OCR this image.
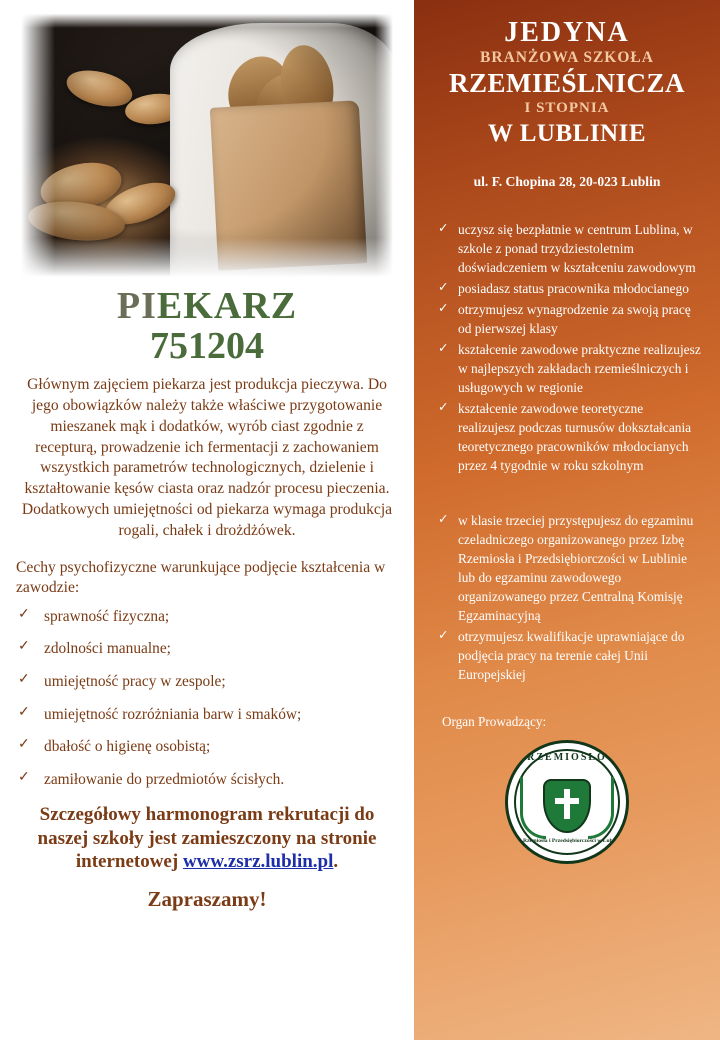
PIEKARZ
751204
Głównym zajęciem piekarza jest produkcja pieczywa. Do jego obowiązków należy także właściwe przygotowanie mieszanek mąk i dodatków, wyrób ciast zgodnie z recepturą, prowadzenie ich fermentacji z zachowaniem wszystkich parametrów technologicznych, dzielenie i kształtowanie kęsów ciasta oraz nadzór procesu pieczenia. Dodatkowych umiejętności od piekarza wymaga produkcja rogali, chałek i drożdżówek.
Cechy psychofizyczne warunkujące podjęcie kształcenia w zawodzie:
✓ sprawność fizyczna;
✓ zdolności manualne;
✓ umiejętność pracy w zespole;
✓ umiejętność rozróżniania barw i smaków;
✓ dbałość o higienę osobistą;
✓ zamiłowanie do przedmiotów ścisłych.
Szczegółowy harmonogram rekrutacji do naszej szkoły jest zamieszczony na stronie internetowej www.zsrz.lublin.pl.
Zapraszamy!
JEDYNA
BRANŻOWA SZKOŁA
RZEMIEŚLNICZA
I STOPNIA
W LUBLINIE
ul. F. Chopina 28, 20-023 Lublin
✓ uczysz się bezpłatnie w centrum Lublina, w szkole z ponad trzydziestoletnim doświadczeniem w kształceniu zawodowym
✓ posiadasz status pracownika młodocianego
✓ otrzymujesz wynagrodzenie za swoją pracę od pierwszej klasy
✓ kształcenie zawodowe praktyczne realizujesz w najlepszych zakładach rzemieślniczych i usługowych w regionie
✓ kształcenie zawodowe teoretyczne realizujesz podczas turnusów dokształcania teoretycznego pracowników młodocianych przez 4 tygodnie w roku szkolnym
✓ w klasie trzeciej przystępujesz do egzaminu czeladniczego organizowanego przez Izbę Rzemiosła i Przedsiębiorczości w Lublinie lub do egzaminu zawodowego organizowanego przez Centralną Komisję Egzaminacyjną
✓ otrzymujesz kwalifikacje uprawniające do podjęcia pracy na terenie całej Unii Europejskiej
Organ Prowadzący:
RZEMIOSŁO
Izba Rzemiosła i Przedsiębiorczości w Lublinie
